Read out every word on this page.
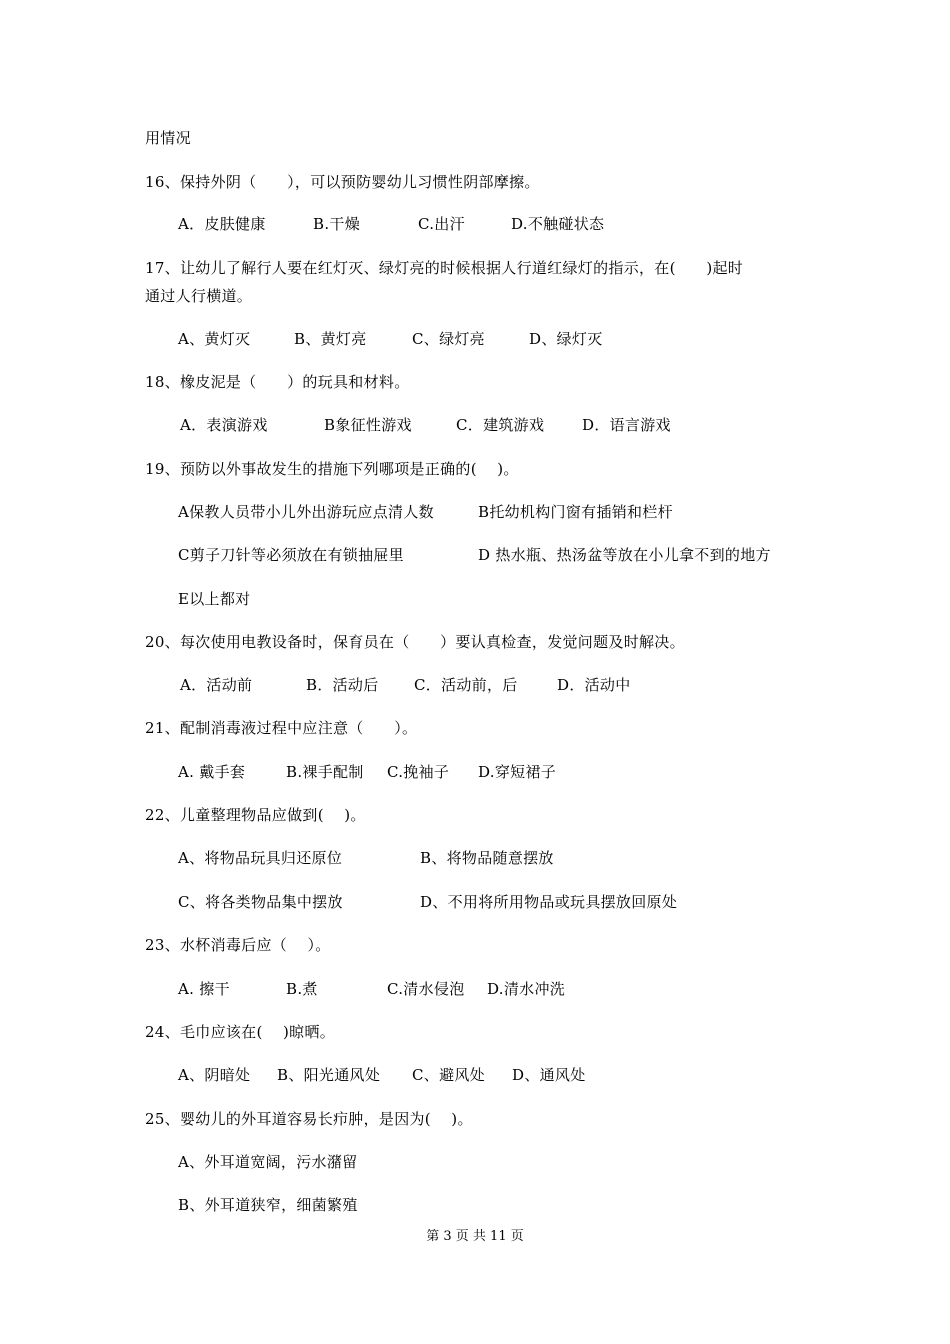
用情况
16、保持外阴（　　），可以预防婴幼儿习惯性阴部摩擦。
A．皮肤健康	B.干燥	C.出汗	D.不触碰状态
17、让幼儿了解行人要在红灯灭、绿灯亮的时候根据人行道红绿灯的指示，在(　　)起时
通过人行横道。
A、黄灯灭	B、黄灯亮	C、绿灯亮	D、绿灯灭
18、橡皮泥是（　　）的玩具和材料。
A．表演游戏	B象征性游戏	C．建筑游戏	D．语言游戏
19、预防以外事故发生的措施下列哪项是正确的(　 )。
A保教人员带小儿外出游玩应点清人数	B托幼机构门窗有插销和栏杆
C剪子刀针等必须放在有锁抽屉里	D 热水瓶、热汤盆等放在小儿拿不到的地方
E以上都对
20、每次使用电教设备时，保育员在（　　）要认真检查，发觉问题及时解决。
A．活动前	B．活动后 C．活动前，后	D．活动中
21、配制消毒液过程中应注意（　　）。
A. 戴手套	B.裸手配制 C.挽袖子 D.穿短裙子
22、儿童整理物品应做到(　 )。
A、将物品玩具归还原位	B、将物品随意摆放
C、将各类物品集中摆放	D、不用将所用物品或玩具摆放回原处
23、水杯消毒后应（　 ）。
A. 擦干	B.煮	C.清水侵泡 D.清水冲洗
24、毛巾应该在(　 )晾晒。
A、阴暗处 B、阳光通风处 C、避风处 D、通风处
25、婴幼儿的外耳道容易长疖肿，是因为(　 )。
A、外耳道宽阔，污水潴留
B、外耳道狭窄，细菌繁殖
第 3 页 共 11 页
